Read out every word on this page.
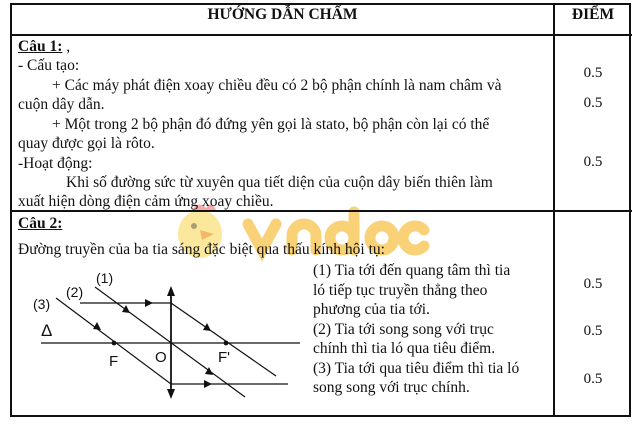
HƯỚNG DẪN CHẤM	ĐIỂM
Câu 1: ,
- Cấu tạo:
+ Các máy phát điện xoay chiều đều có 2 bộ phận chính là nam châm và
cuộn dây dẫn.
+ Một trong 2 bộ phận đó đứng yên gọi là stato, bộ phận còn lại có thể
quay được gọi là rôto.
-Hoạt động:
Khi số đường sức từ xuyên qua tiết diện của cuộn dây biến thiên làm
xuất hiện dòng điện cảm ứng xoay chiều.
0.5
0.5
0.5
Câu 2:
Đường truyền của ba tia sáng đặc biệt qua thấu kính hội tụ:
(1) Tia tới đến quang tâm thì tia
ló tiếp tục truyền thẳng theo
phương của tia tới.
(2) Tia tới song song với trục
chính thì tia ló qua tiêu điểm.
(3) Tia tới qua tiêu điểm thì tia ló
song song với trục chính.
0.5
0.5
0.5
(1)
(2)
(3)
Δ
F O	F'
